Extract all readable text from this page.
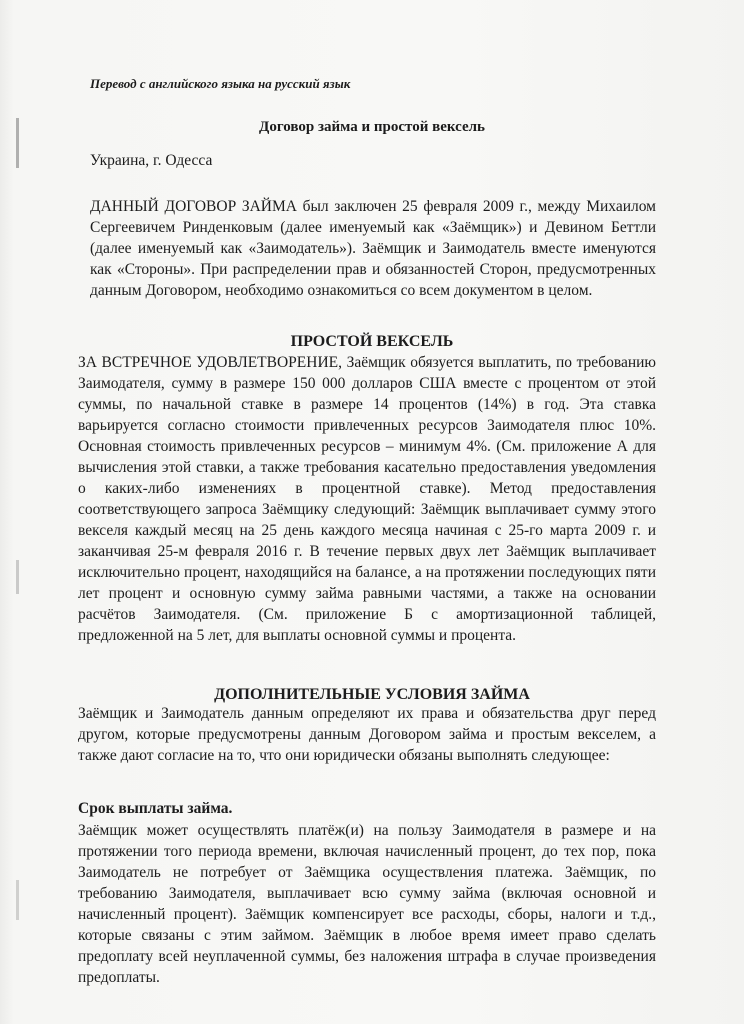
Перевод с английского языка на русский язык
Договор займа и простой вексель
Украина, г. Одесса
ДАННЫЙ ДОГОВОР ЗАЙМА был заключен 25 февраля 2009 г., между Михаилом Сергеевичем Ринденковым (далее именуемый как «Заёмщик») и Девином Беттли (далее именуемый как «Заимодатель»). Заёмщик и Заимодатель вместе именуются как «Стороны». При распределении прав и обязанностей Сторон, предусмотренных данным Договором, необходимо ознакомиться со всем документом в целом.
ПРОСТОЙ ВЕКСЕЛЬ
ЗА ВСТРЕЧНОЕ УДОВЛЕТВОРЕНИЕ, Заёмщик обязуется выплатить, по требованию Заимодателя, сумму в размере 150 000 долларов США вместе с процентом от этой суммы, по начальной ставке в размере 14 процентов (14%) в год. Эта ставка варьируется согласно стоимости привлеченных ресурсов Заимодателя плюс 10%. Основная стоимость привлеченных ресурсов – минимум 4%. (См. приложение А для вычисления этой ставки, а также требования касательно предоставления уведомления о каких-либо изменениях в процентной ставке). Метод предоставления соответствующего запроса Заёмщику следующий: Заёмщик выплачивает сумму этого векселя каждый месяц на 25 день каждого месяца начиная с 25-го марта 2009 г. и заканчивая 25-м февраля 2016 г. В течение первых двух лет Заёмщик выплачивает исключительно процент, находящийся на балансе, а на протяжении последующих пяти лет процент и основную сумму займа равными частями, а также на основании расчётов Заимодателя. (См. приложение Б с амортизационной таблицей, предложенной на 5 лет, для выплаты основной суммы и процента.
ДОПОЛНИТЕЛЬНЫЕ УСЛОВИЯ ЗАЙМА
Заёмщик и Заимодатель данным определяют их права и обязательства друг перед другом, которые предусмотрены данным Договором займа и простым векселем, а также дают согласие на то, что они юридически обязаны выполнять следующее:
Срок выплаты займа.
Заёмщик может осуществлять платёж(и) на пользу Заимодателя в размере и на протяжении того периода времени, включая начисленный процент, до тех пор, пока Заимодатель не потребует от Заёмщика осуществления платежа. Заёмщик, по требованию Заимодателя, выплачивает всю сумму займа (включая основной и начисленный процент). Заёмщик компенсирует все расходы, сборы, налоги и т.д., которые связаны с этим займом. Заёмщик в любое время имеет право сделать предоплату всей неуплаченной суммы, без наложения штрафа в случае произведения предоплаты.
